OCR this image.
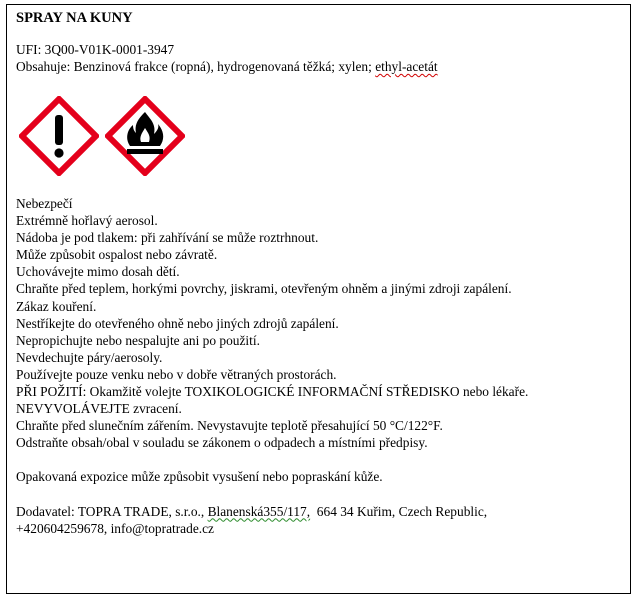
SPRAY NA KUNY
UFI: 3Q00-V01K-0001-3947
Obsahuje: Benzinová frakce (ropná), hydrogenovaná těžká; xylen; ethyl-acetát
Nebezpečí
Extrémně hořlavý aerosol.
Nádoba je pod tlakem: při zahřívání se může roztrhnout.
Může způsobit ospalost nebo závratě.
Uchovávejte mimo dosah dětí.
Chraňte před teplem, horkými povrchy, jiskrami, otevřeným ohněm a jinými zdroji zapálení.
Zákaz kouření.
Nestříkejte do otevřeného ohně nebo jiných zdrojů zapálení.
Nepropichujte nebo nespalujte ani po použití.
Nevdechujte páry/aerosoly.
Používejte pouze venku nebo v dobře větraných prostorách.
PŘI POŽITÍ: Okamžitě volejte TOXIKOLOGICKÉ INFORMAČNÍ STŘEDISKO nebo lékaře.
NEVYVOLÁVEJTE zvracení.
Chraňte před slunečním zářením. Nevystavujte teplotě přesahující 50 °C/122°F.
Odstraňte obsah/obal v souladu se zákonem o odpadech a místními předpisy.
Opakovaná expozice může způsobit vysušení nebo popraskání kůže.
Dodavatel: TOPRA TRADE, s.r.o., Blanenská355/117,  664 34 Kuřim, Czech Republic,
+420604259678, info@topratrade.cz
